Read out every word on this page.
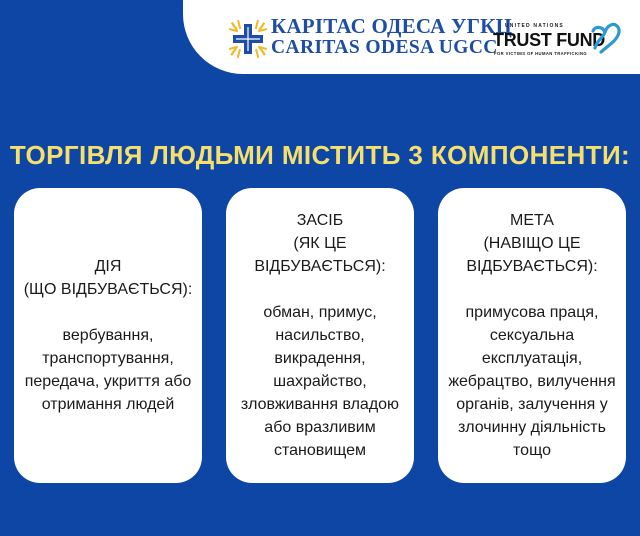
КАРІТАС ОДЕСА УГКЦ
CARITAS ODESA UGCC
UNITED NATIONS
TRUST FUND
FOR VICTIMS OF HUMAN TRAFFICKING
ТОРГІВЛЯ ЛЮДЬМИ МІСТИТЬ 3 КОМПОНЕНТИ:

ДІЯ

(ЩО ВІДБУВАЄТЬСЯ):

вербування,

транспортування,

передача, укриття або

отримання людей

ЗАСІБ

(ЯК ЦЕ ВІДБУВАЄТЬСЯ):

обман, примус,

насильство,

викрадення,

шахрайство,

зловживання владою

або вразливим

становищем

МЕТА

(НАВІЩО ЦЕ

ВІДБУВАЄТЬСЯ):

примусова праця,

сексуальна

експлуатація,

жебрацтво, вилучення

органів, залучення у

злочинну діяльність

тощо
